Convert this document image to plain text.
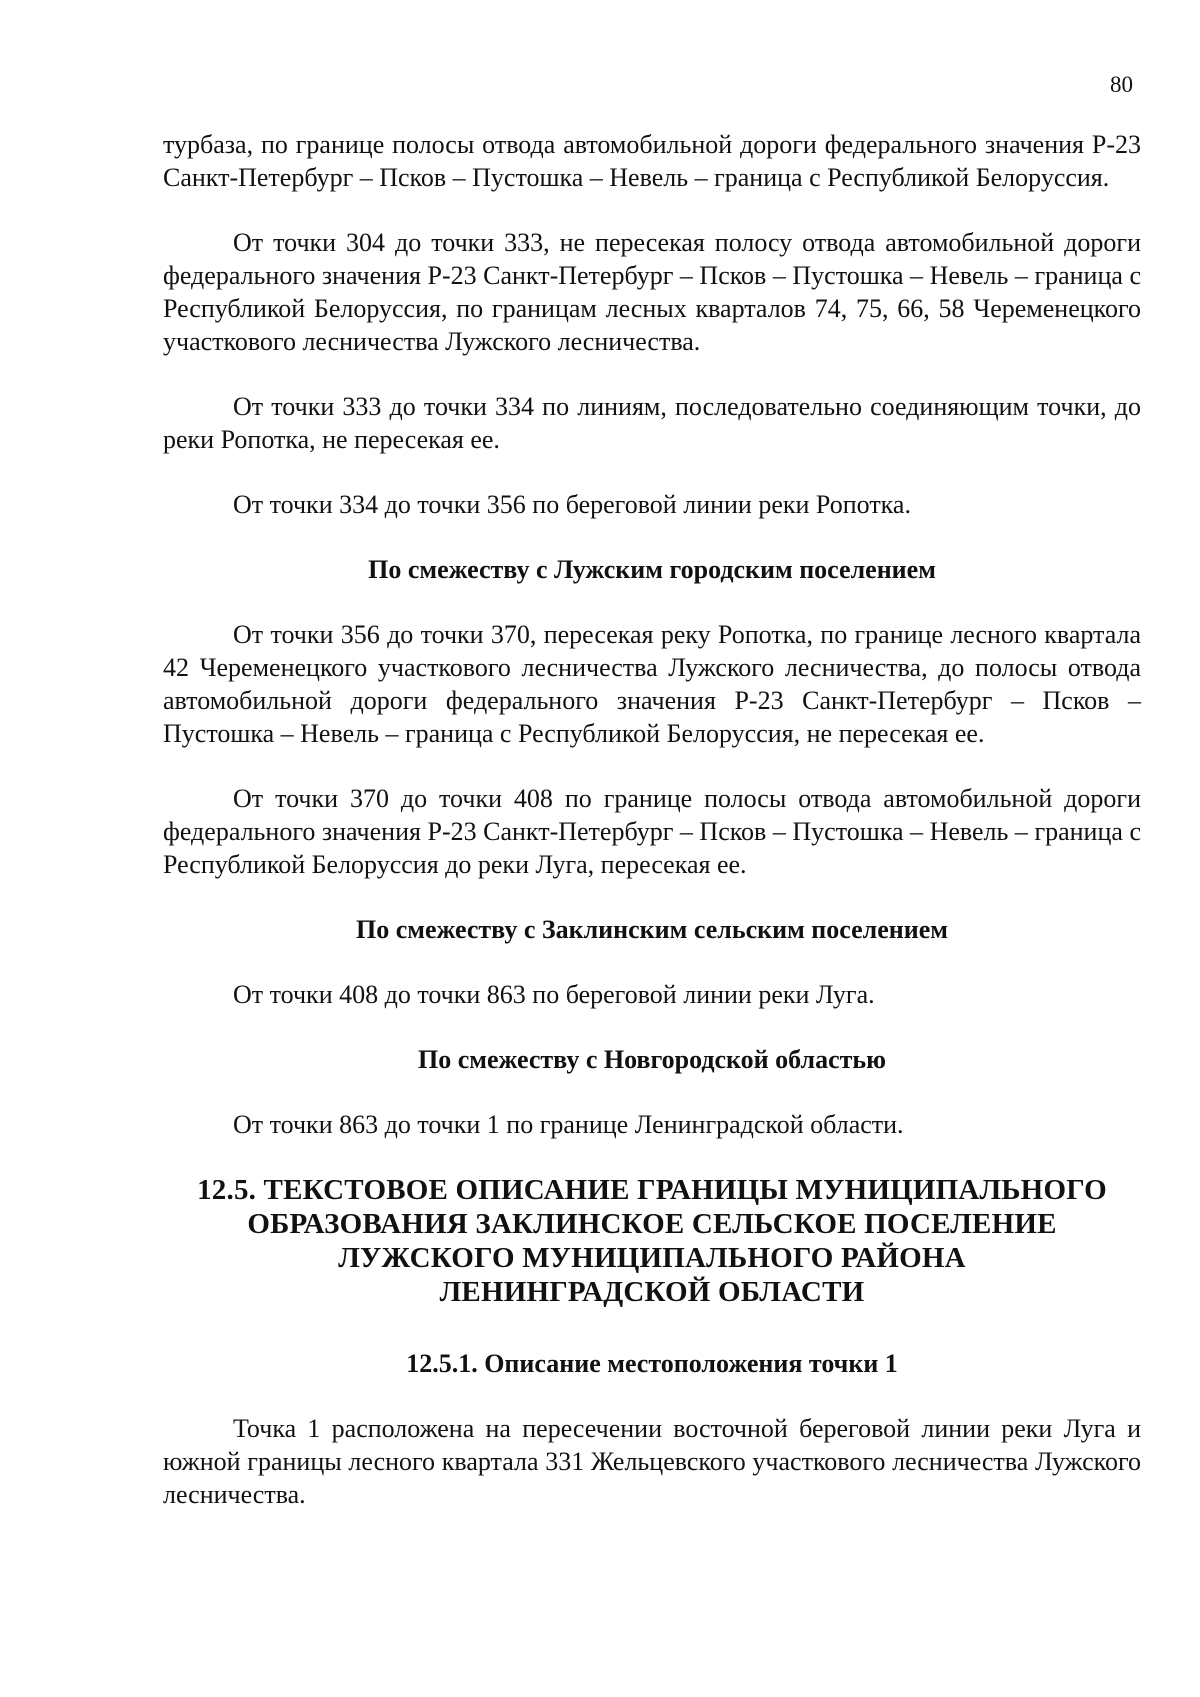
80

турбаза, по границе полосы отвода автомобильной дороги федерального значения Р-23 Санкт-Петербург – Псков – Пустошка – Невель – граница с Республикой Белоруссия.

От точки 304 до точки 333, не пересекая полосу отвода автомобильной дороги федерального значения Р-23 Санкт-Петербург – Псков – Пустошка – Невель – граница с Республикой Белоруссия, по границам лесных кварталов 74, 75, 66, 58 Череменецкого участкового лесничества Лужского лесничества.

От точки 333 до точки 334 по линиям, последовательно соединяющим точки, до реки Ропотка, не пересекая ее.

От точки 334 до точки 356 по береговой линии реки Ропотка.

По смежеству с Лужским городским поселением

От точки 356 до точки 370, пересекая реку Ропотка, по границе лесного квартала 42 Череменецкого участкового лесничества Лужского лесничества, до полосы отвода автомобильной дороги федерального значения Р-23 Санкт-Петербург – Псков – Пустошка – Невель – граница с Республикой Белоруссия, не пересекая ее.

От точки 370 до точки 408 по границе полосы отвода автомобильной дороги федерального значения Р-23 Санкт-Петербург – Псков – Пустошка – Невель – граница с Республикой Белоруссия до реки Луга, пересекая ее.

По смежеству с Заклинским сельским поселением

От точки 408 до точки 863 по береговой линии реки Луга.

По смежеству с Новгородской областью

От точки 863 до точки 1 по границе Ленинградской области.

12.5. ТЕКСТОВОЕ ОПИСАНИЕ ГРАНИЦЫ МУНИЦИПАЛЬНОГО
ОБРАЗОВАНИЯ ЗАКЛИНСКОЕ СЕЛЬСКОЕ ПОСЕЛЕНИЕ
ЛУЖСКОГО МУНИЦИПАЛЬНОГО РАЙОНА
ЛЕНИНГРАДСКОЙ ОБЛАСТИ
12.5.1. Описание местоположения точки 1

Точка 1 расположена на пересечении восточной береговой линии реки Луга и южной границы лесного квартала 331 Жельцевского участкового лесничества Лужского лесничества.
